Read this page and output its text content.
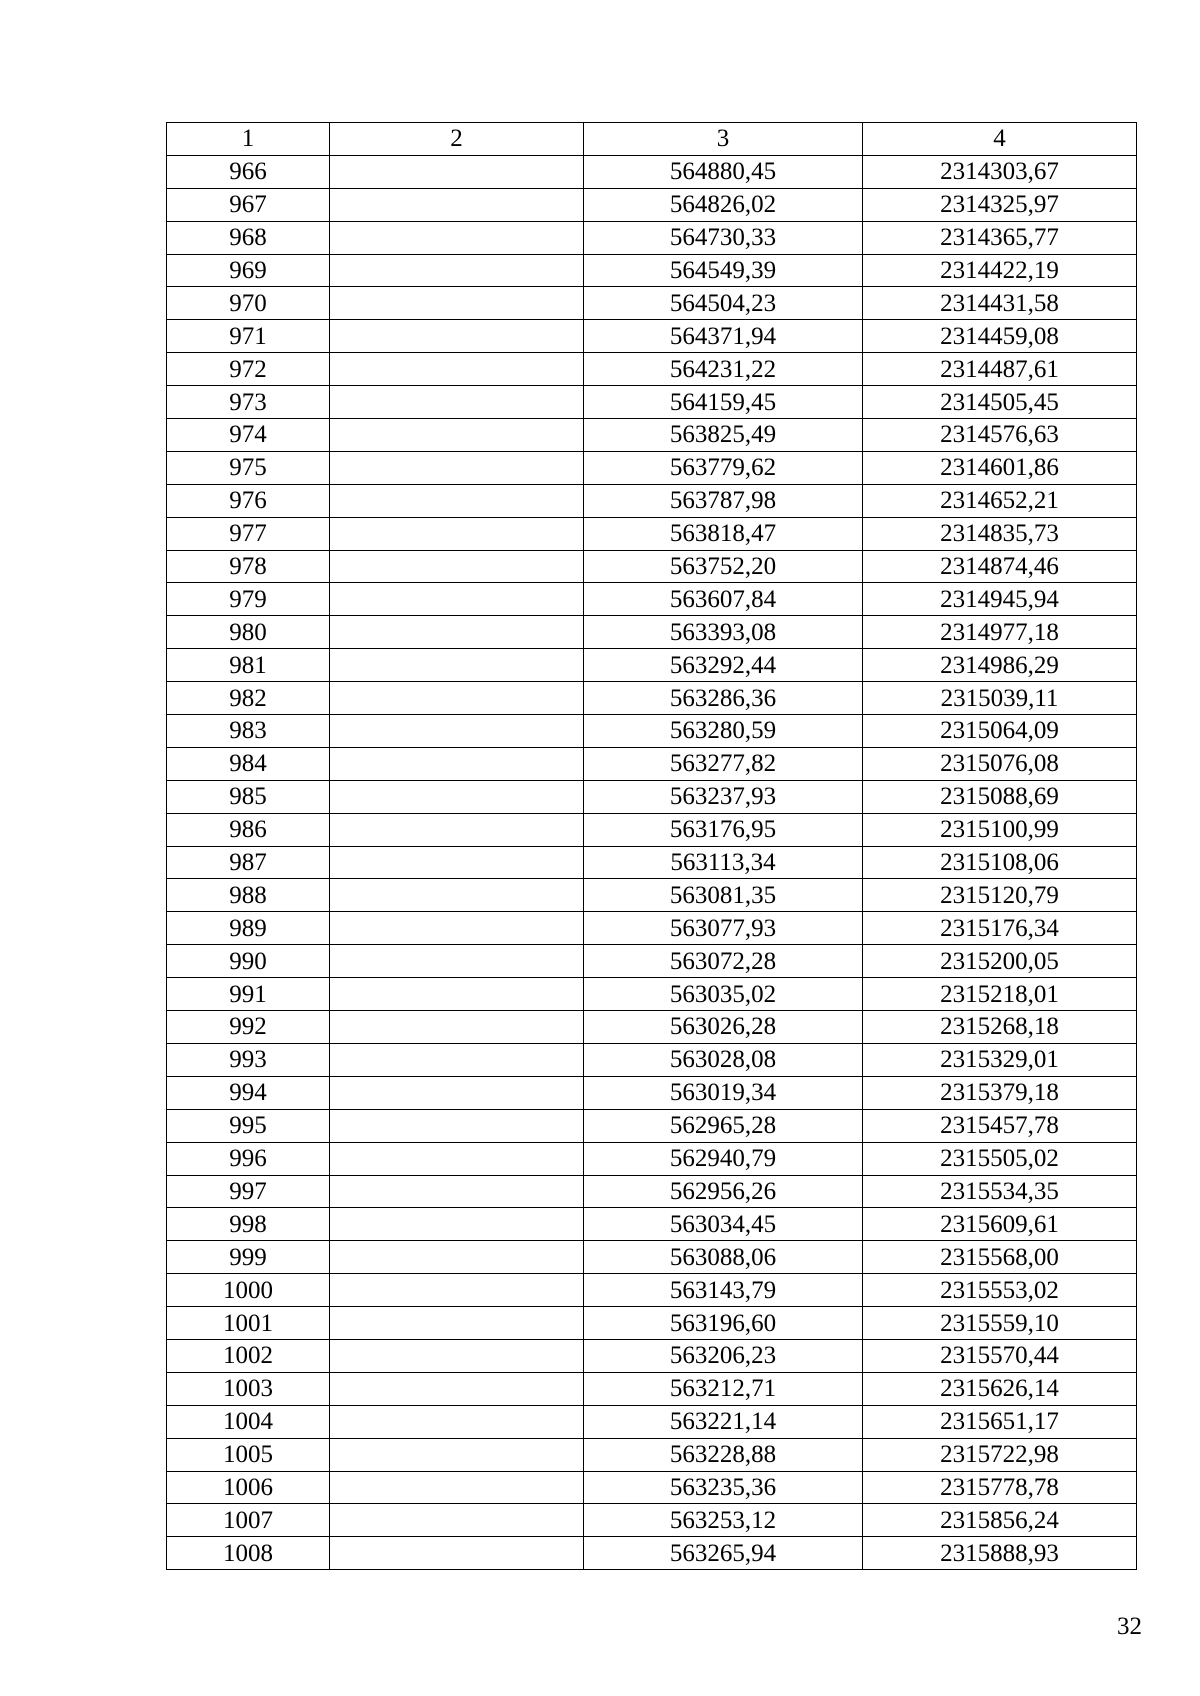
1	2	3	4
966		564880,45	2314303,67
967		564826,02	2314325,97
968		564730,33	2314365,77
969		564549,39	2314422,19
970		564504,23	2314431,58
971		564371,94	2314459,08
972		564231,22	2314487,61
973		564159,45	2314505,45
974		563825,49	2314576,63
975		563779,62	2314601,86
976		563787,98	2314652,21
977		563818,47	2314835,73
978		563752,20	2314874,46
979		563607,84	2314945,94
980		563393,08	2314977,18
981		563292,44	2314986,29
982		563286,36	2315039,11
983		563280,59	2315064,09
984		563277,82	2315076,08
985		563237,93	2315088,69
986		563176,95	2315100,99
987		563113,34	2315108,06
988		563081,35	2315120,79
989		563077,93	2315176,34
990		563072,28	2315200,05
991		563035,02	2315218,01
992		563026,28	2315268,18
993		563028,08	2315329,01
994		563019,34	2315379,18
995		562965,28	2315457,78
996		562940,79	2315505,02
997		562956,26	2315534,35
998		563034,45	2315609,61
999		563088,06	2315568,00
1000		563143,79	2315553,02
1001		563196,60	2315559,10
1002		563206,23	2315570,44
1003		563212,71	2315626,14
1004		563221,14	2315651,17
1005		563228,88	2315722,98
1006		563235,36	2315778,78
1007		563253,12	2315856,24
1008		563265,94	2315888,93
32
